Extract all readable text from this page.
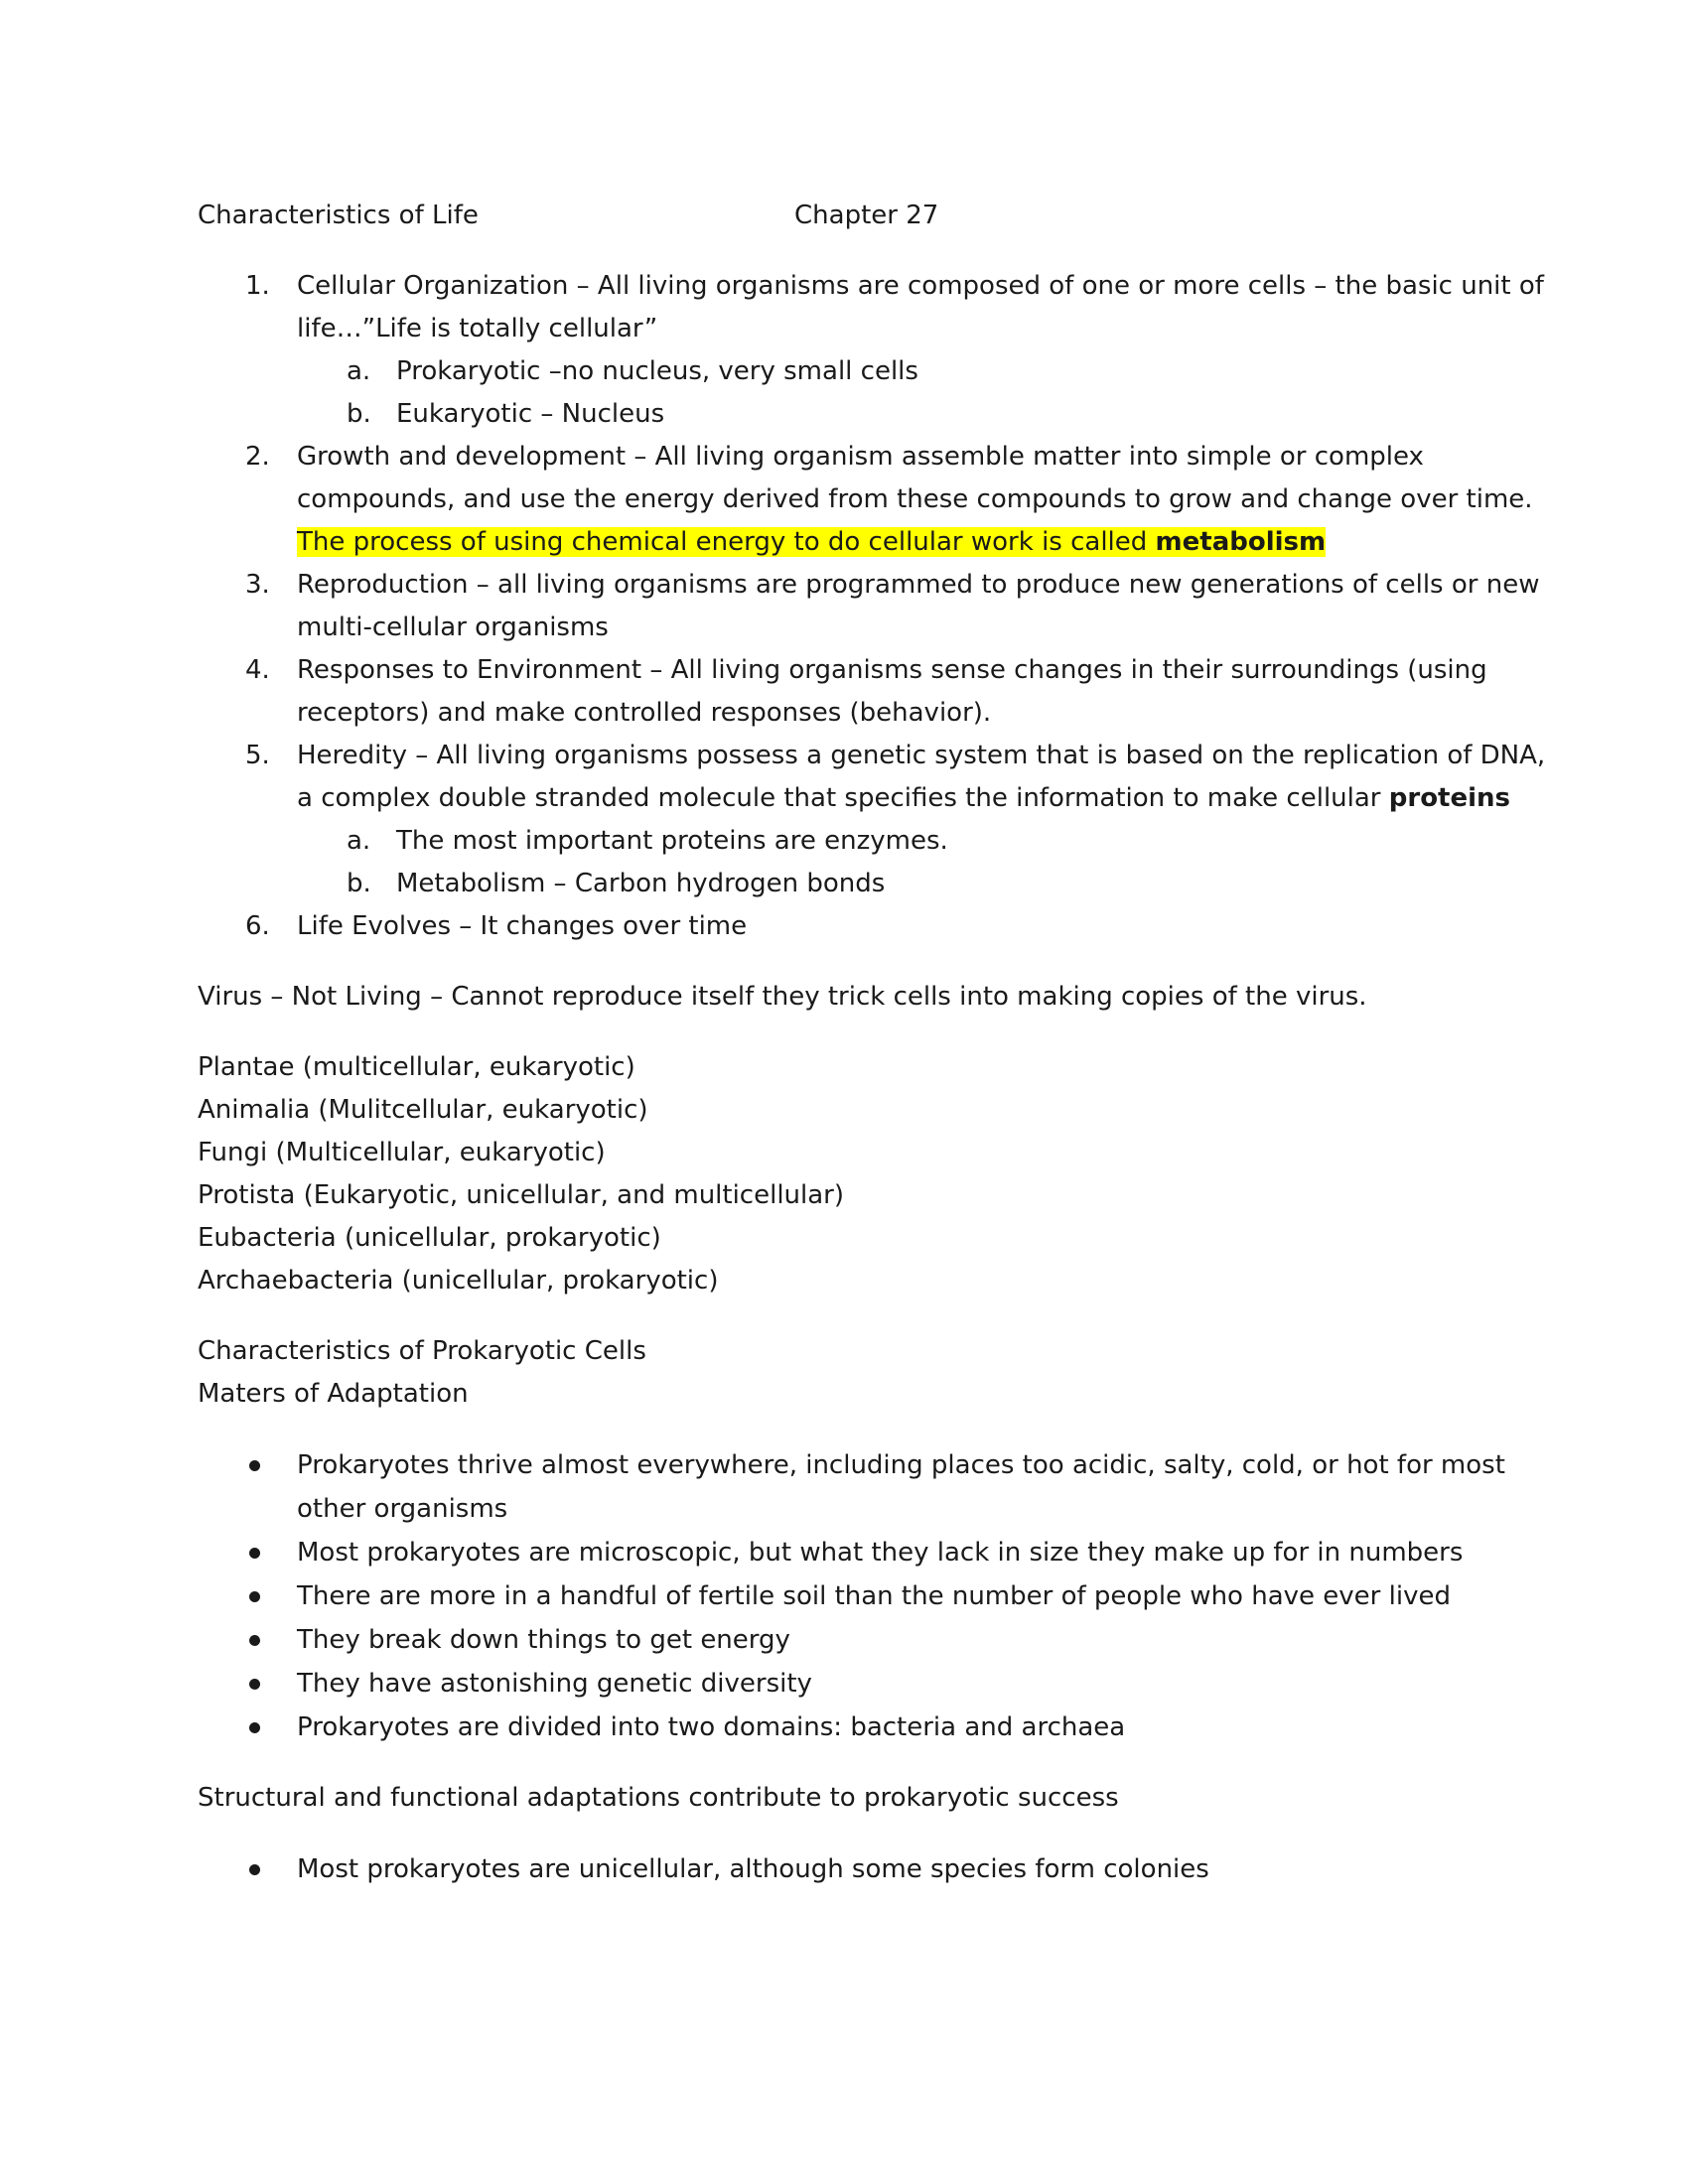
Characteristics of Life	Chapter 27
1. Cellular Organization – All living organisms are composed of one or more cells – the basic unit of
life…”Life is totally cellular”
a. Prokaryotic –no nucleus, very small cells
b. Eukaryotic – Nucleus
2. Growth and development – All living organism assemble matter into simple or complex
compounds, and use the energy derived from these compounds to grow and change over time.
The process of using chemical energy to do cellular work is called metabolism
3. Reproduction – all living organisms are programmed to produce new generations of cells or new
multi-cellular organisms
4. Responses to Environment – All living organisms sense changes in their surroundings (using
receptors) and make controlled responses (behavior).
5. Heredity – All living organisms possess a genetic system that is based on the replication of DNA,
a complex double stranded molecule that specifies the information to make cellular proteins
a. The most important proteins are enzymes.
b. Metabolism – Carbon hydrogen bonds
6. Life Evolves – It changes over time
Virus – Not Living – Cannot reproduce itself they trick cells into making copies of the virus.
Plantae (multicellular, eukaryotic)
Animalia (Mulitcellular, eukaryotic)
Fungi (Multicellular, eukaryotic)
Protista (Eukaryotic, unicellular, and multicellular)
Eubacteria (unicellular, prokaryotic)
Archaebacteria (unicellular, prokaryotic)
Characteristics of Prokaryotic Cells
Maters of Adaptation
Prokaryotes thrive almost everywhere, including places too acidic, salty, cold, or hot for most
other organisms
Most prokaryotes are microscopic, but what they lack in size they make up for in numbers
There are more in a handful of fertile soil than the number of people who have ever lived
They break down things to get energy
They have astonishing genetic diversity
Prokaryotes are divided into two domains: bacteria and archaea
Structural and functional adaptations contribute to prokaryotic success
Most prokaryotes are unicellular, although some species form colonies
